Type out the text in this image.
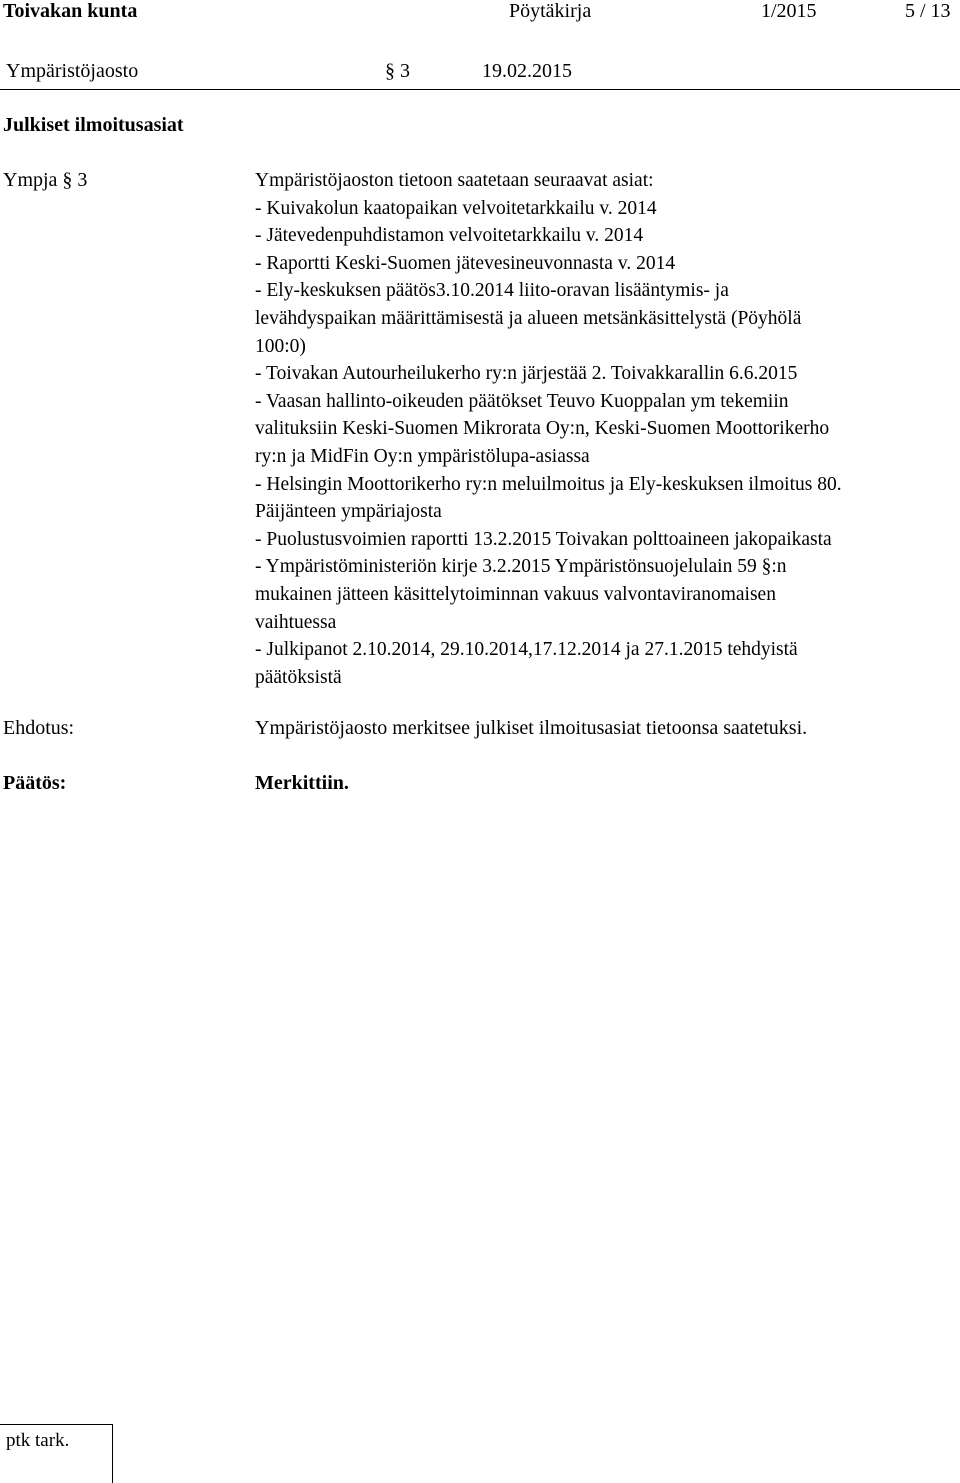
Toivakan kunta	Pöytäkirja	1/2015	5 / 13
Ympäristöjaosto	§ 3	19.02.2015
Julkiset ilmoitusasiat
Ympja § 3	Ympäristöjaoston tietoon saatetaan seuraavat asiat:
- Kuivakolun kaatopaikan velvoitetarkkailu v. 2014
- Jätevedenpuhdistamon velvoitetarkkailu v. 2014
- Raportti Keski-Suomen jätevesineuvonnasta v. 2014
- Ely-keskuksen päätös3.10.2014 liito-oravan lisääntymis- ja
levähdyspaikan määrittämisestä ja alueen metsänkäsittelystä (Pöyhölä
100:0)
- Toivakan Autourheilukerho ry:n järjestää 2. Toivakkarallin 6.6.2015
- Vaasan hallinto-oikeuden päätökset Teuvo Kuoppalan ym tekemiin
valituksiin Keski-Suomen Mikrorata Oy:n, Keski-Suomen Moottorikerho
ry:n ja MidFin Oy:n ympäristölupa-asiassa
- Helsingin Moottorikerho ry:n meluilmoitus ja Ely-keskuksen ilmoitus 80.
Päijänteen ympäriajosta
- Puolustusvoimien raportti 13.2.2015 Toivakan polttoaineen jakopaikasta
- Ympäristöministeriön kirje 3.2.2015 Ympäristönsuojelulain 59 §:n
mukainen jätteen käsittelytoiminnan vakuus valvontaviranomaisen
vaihtuessa
- Julkipanot 2.10.2014, 29.10.2014,17.12.2014 ja 27.1.2015 tehdyistä
päätöksistä
Ehdotus:	Ympäristöjaosto merkitsee julkiset ilmoitusasiat tietoonsa saatetuksi.
Päätös:	Merkittiin.
ptk tark.
